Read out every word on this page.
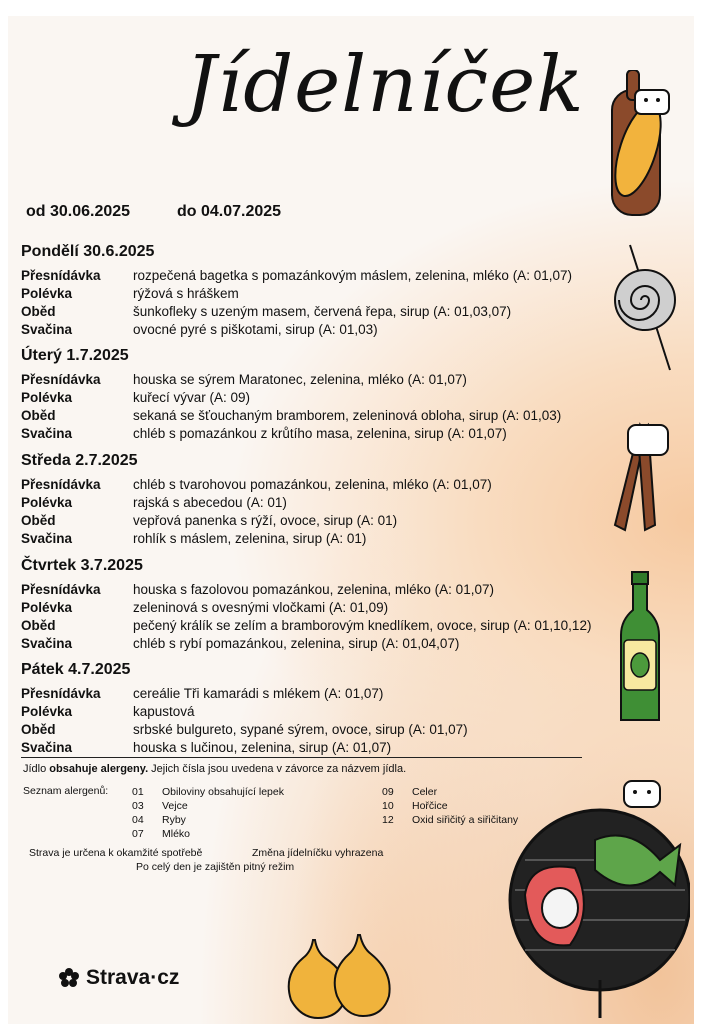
Jídelníček
od 30.06.2025	do 04.07.2025
Pondělí 30.6.2025
Přesnídávka	rozpečená bagetka s pomazánkovým máslem, zelenina, mléko (A: 01,07)
Polévka	rýžová s hráškem
Oběd	šunkofleky s uzeným masem, červená řepa, sirup (A: 01,03,07)
Svačina	ovocné pyré s piškotami, sirup (A: 01,03)
Úterý 1.7.2025
Přesnídávka	houska se sýrem Maratonec, zelenina, mléko (A: 01,07)
Polévka	kuřecí vývar (A: 09)
Oběd	sekaná se šťouchaným bramborem, zeleninová obloha, sirup (A: 01,03)
Svačina	chléb s pomazánkou z krůtího masa, zelenina, sirup (A: 01,07)
Středa 2.7.2025
Přesnídávka	chléb s tvarohovou pomazánkou, zelenina, mléko (A: 01,07)
Polévka	rajská s abecedou (A: 01)
Oběd	vepřová panenka s rýží, ovoce, sirup (A: 01)
Svačina	rohlík s máslem, zelenina, sirup (A: 01)
Čtvrtek 3.7.2025
Přesnídávka	houska s fazolovou pomazánkou, zelenina, mléko (A: 01,07)
Polévka	zeleninová s ovesnými vločkami (A: 01,09)
Oběd	pečený králík se zelím a bramborovým knedlíkem, ovoce, sirup (A: 01,10,12)
Svačina	chléb s rybí pomazánkou, zelenina, sirup (A: 01,04,07)
Pátek 4.7.2025
Přesnídávka	cereálie Tři kamarádi s mlékem (A: 01,07)
Polévka	kapustová
Oběd	srbské bulgureto, sypané sýrem, ovoce, sirup (A: 01,07)
Svačina	houska s lučinou, zelenina, sirup (A: 01,07)
Jídlo obsahuje alergeny. Jejich čísla jsou uvedena v závorce za názvem jídla.
Seznam alergenů: 01	Obiloviny obsahující lepek
03	Vejce
04	Ryby
07	Mléko
09	Celer
10	Hořčice
12	Oxid siřičitý a siřičitany
Strava je určena k okamžité spotřebě	Změna jídelníčku vyhrazena
Po celý den je zajištěn pitný režim
Strava·cz
